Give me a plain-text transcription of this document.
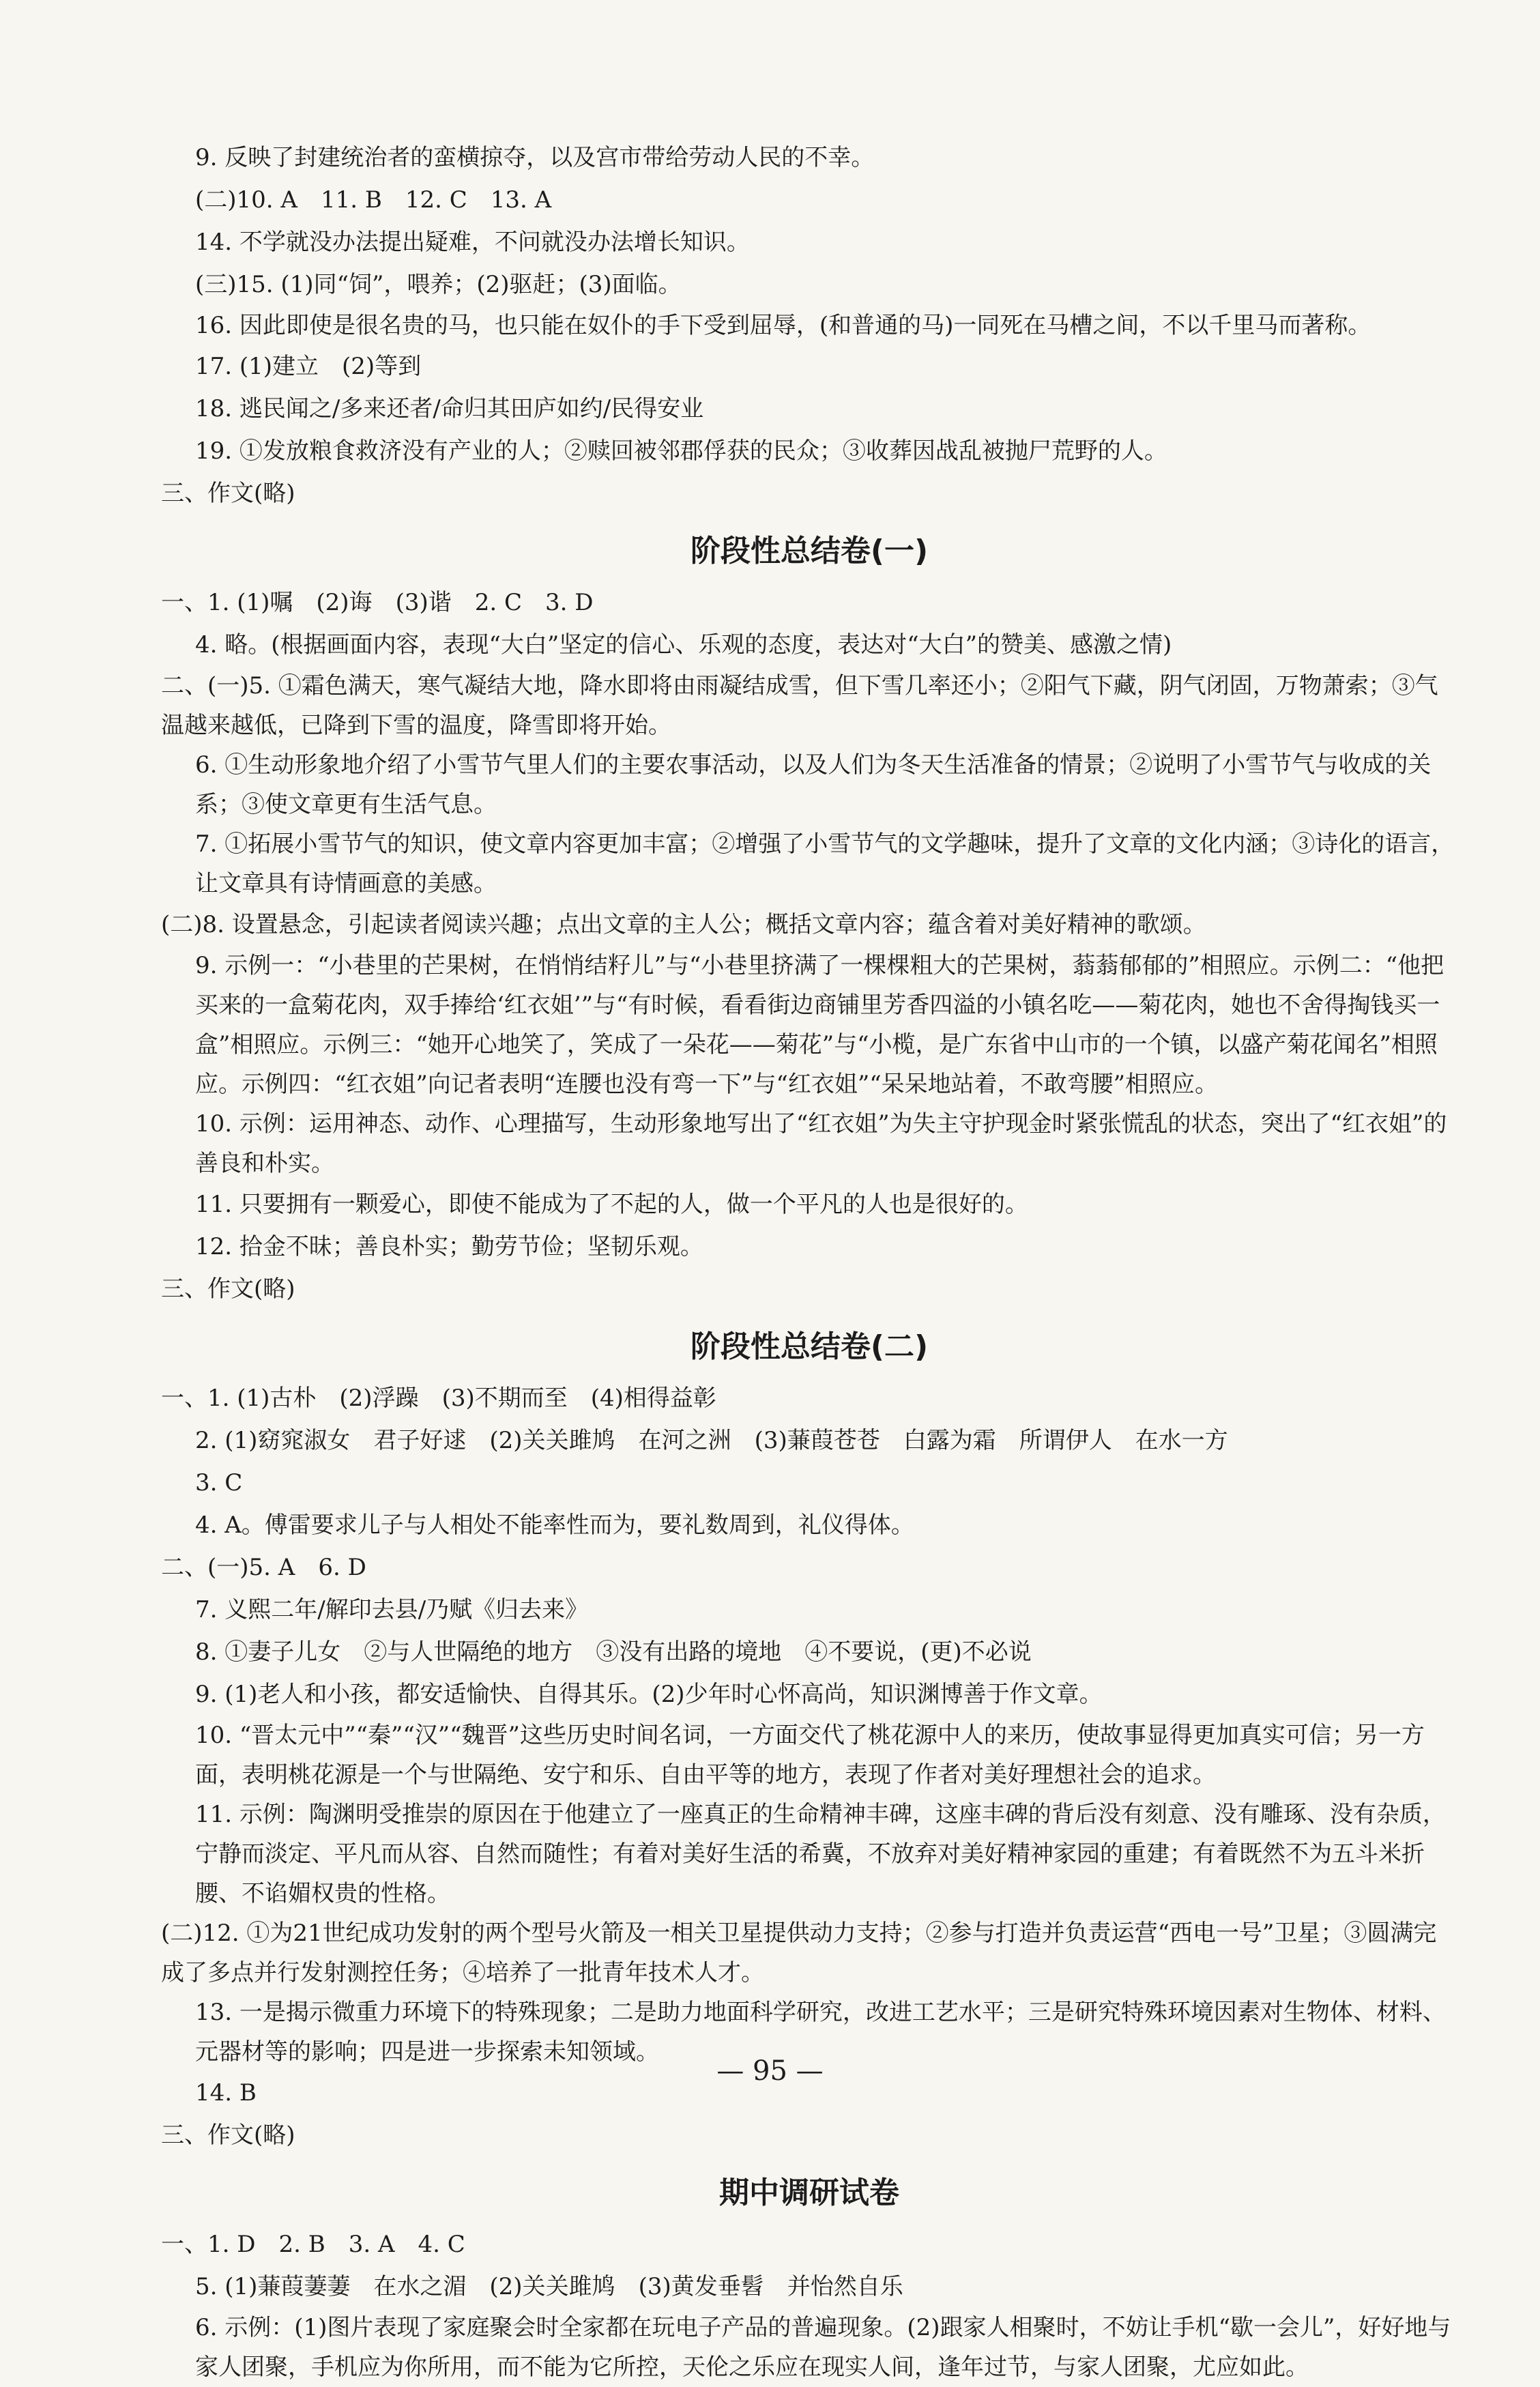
9. 反映了封建统治者的蛮横掠夺，以及宫市带给劳动人民的不幸。
(二)10. A　11. B　12. C　13. A
14. 不学就没办法提出疑难，不问就没办法增长知识。
(三)15. (1)同“饲”，喂养；(2)驱赶；(3)面临。
16. 因此即使是很名贵的马，也只能在奴仆的手下受到屈辱，(和普通的马)一同死在马槽之间，不以千里马而著称。
17. (1)建立　(2)等到
18. 逃民闻之/多来还者/命归其田庐如约/民得安业
19. ①发放粮食救济没有产业的人；②赎回被邻郡俘获的民众；③收葬因战乱被抛尸荒野的人。
三、作文(略)
阶段性总结卷(一)
一、1. (1)嘱　(2)诲　(3)谐　2. C　3. D
4. 略。(根据画面内容，表现“大白”坚定的信心、乐观的态度，表达对“大白”的赞美、感激之情)
二、(一)5. ①霜色满天，寒气凝结大地，降水即将由雨凝结成雪，但下雪几率还小；②阳气下藏，阴气闭固，万物萧索；③气温越来越低，已降到下雪的温度，降雪即将开始。
6. ①生动形象地介绍了小雪节气里人们的主要农事活动，以及人们为冬天生活准备的情景；②说明了小雪节气与收成的关系；③使文章更有生活气息。
7. ①拓展小雪节气的知识，使文章内容更加丰富；②增强了小雪节气的文学趣味，提升了文章的文化内涵；③诗化的语言，让文章具有诗情画意的美感。
(二)8. 设置悬念，引起读者阅读兴趣；点出文章的主人公；概括文章内容；蕴含着对美好精神的歌颂。
9. 示例一：“小巷里的芒果树，在悄悄结籽儿”与“小巷里挤满了一棵棵粗大的芒果树，蓊蓊郁郁的”相照应。示例二：“他把买来的一盒菊花肉，双手捧给‘红衣姐’”与“有时候，看看街边商铺里芳香四溢的小镇名吃——菊花肉，她也不舍得掏钱买一盒”相照应。示例三：“她开心地笑了，笑成了一朵花——菊花”与“小榄，是广东省中山市的一个镇，以盛产菊花闻名”相照应。示例四：“红衣姐”向记者表明“连腰也没有弯一下”与“红衣姐”“呆呆地站着，不敢弯腰”相照应。
10. 示例：运用神态、动作、心理描写，生动形象地写出了“红衣姐”为失主守护现金时紧张慌乱的状态，突出了“红衣姐”的善良和朴实。
11. 只要拥有一颗爱心，即使不能成为了不起的人，做一个平凡的人也是很好的。
12. 拾金不昧；善良朴实；勤劳节俭；坚韧乐观。
三、作文(略)
阶段性总结卷(二)
一、1. (1)古朴　(2)浮躁　(3)不期而至　(4)相得益彰
2. (1)窈窕淑女　君子好逑　(2)关关雎鸠　在河之洲　(3)蒹葭苍苍　白露为霜　所谓伊人　在水一方
3. C
4. A。傅雷要求儿子与人相处不能率性而为，要礼数周到，礼仪得体。
二、(一)5. A　6. D
7. 义熙二年/解印去县/乃赋《归去来》
8. ①妻子儿女　②与人世隔绝的地方　③没有出路的境地　④不要说，(更)不必说
9. (1)老人和小孩，都安适愉快、自得其乐。(2)少年时心怀高尚，知识渊博善于作文章。
10. “晋太元中”“秦”“汉”“魏晋”这些历史时间名词，一方面交代了桃花源中人的来历，使故事显得更加真实可信；另一方面，表明桃花源是一个与世隔绝、安宁和乐、自由平等的地方，表现了作者对美好理想社会的追求。
11. 示例：陶渊明受推崇的原因在于他建立了一座真正的生命精神丰碑，这座丰碑的背后没有刻意、没有雕琢、没有杂质，宁静而淡定、平凡而从容、自然而随性；有着对美好生活的希冀，不放弃对美好精神家园的重建；有着既然不为五斗米折腰、不谄媚权贵的性格。
(二)12. ①为21世纪成功发射的两个型号火箭及一相关卫星提供动力支持；②参与打造并负责运营“西电一号”卫星；③圆满完成了多点并行发射测控任务；④培养了一批青年技术人才。
13. 一是揭示微重力环境下的特殊现象；二是助力地面科学研究，改进工艺水平；三是研究特殊环境因素对生物体、材料、元器材等的影响；四是进一步探索未知领域。
14. B
三、作文(略)
期中调研试卷
一、1. D　2. B　3. A　4. C
5. (1)蒹葭萋萋　在水之湄　(2)关关雎鸠　(3)黄发垂髫　并怡然自乐
6. 示例：(1)图片表现了家庭聚会时全家都在玩电子产品的普遍现象。(2)跟家人相聚时，不妨让手机“歇一会儿”，好好地与家人团聚，手机应为你所用，而不能为它所控，天伦之乐应在现实人间，逢年过节，与家人团聚，尤应如此。
— 95 —
